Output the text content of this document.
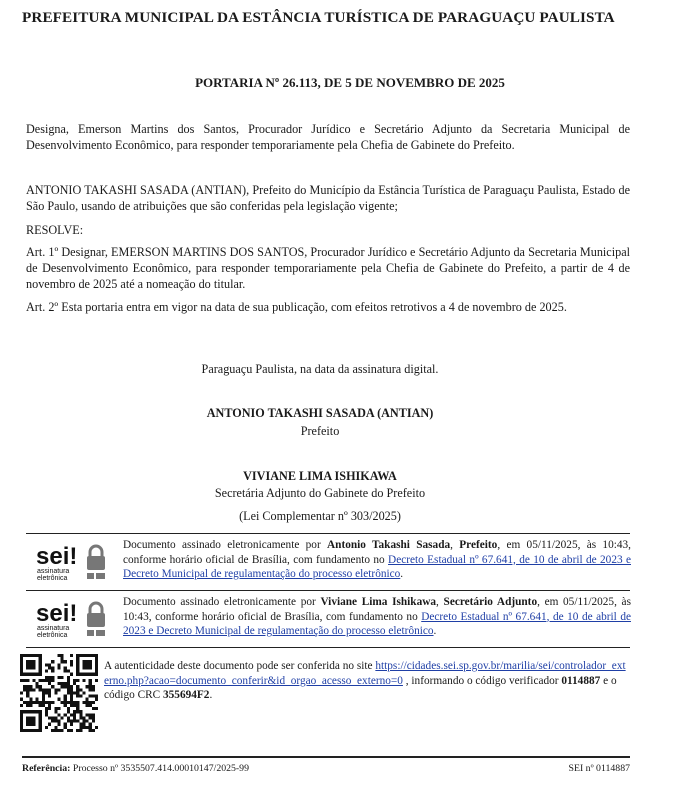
PREFEITURA MUNICIPAL DA ESTÂNCIA TURÍSTICA DE PARAGUAÇU PAULISTA
PORTARIA Nº 26.113, DE 5 DE NOVEMBRO DE 2025
Designa, Emerson Martins dos Santos, Procurador Jurídico e Secretário Adjunto da Secretaria Municipal de Desenvolvimento Econômico, para responder temporariamente pela Chefia de Gabinete do Prefeito.
ANTONIO TAKASHI SASADA (ANTIAN), Prefeito do Município da Estância Turística de Paraguaçu Paulista, Estado de São Paulo, usando de atribuições que são conferidas pela legislação vigente;
RESOLVE:
Art. 1º Designar, EMERSON MARTINS DOS SANTOS, Procurador Jurídico e Secretário Adjunto da Secretaria Municipal de Desenvolvimento Econômico, para responder temporariamente pela Chefia de Gabinete do Prefeito, a partir de 4 de novembro de 2025 até a nomeação do titular.
Art. 2º Esta portaria entra em vigor na data de sua publicação, com efeitos retrotivos a 4 de novembro de 2025.
Paraguaçu Paulista, na data da assinatura digital.
ANTONIO TAKASHI SASADA (ANTIAN)
Prefeito
VIVIANE LIMA ISHIKAWA
Secretária Adjunto do Gabinete do Prefeito
(Lei Complementar nº 303/2025)
sei!
assinatura
eletrônica
Documento assinado eletronicamente por Antonio Takashi Sasada, Prefeito, em 05/11/2025, às 10:43, conforme horário oficial de Brasília, com fundamento no Decreto Estadual nº 67.641, de 10 de abril de 2023 e Decreto Municipal de regulamentação do processo eletrônico.
sei!
assinatura
eletrônica
Documento assinado eletronicamente por Viviane Lima Ishikawa, Secretário Adjunto, em 05/11/2025, às 10:43, conforme horário oficial de Brasília, com fundamento no Decreto Estadual nº 67.641, de 10 de abril de 2023 e Decreto Municipal de regulamentação do processo eletrônico.
A autenticidade deste documento pode ser conferida no site https://cidades.sei.sp.gov.br/marilia/sei/controlador_externo.php?acao=documento_conferir&id_orgao_acesso_externo=0 , informando o código verificador 0114887 e o código CRC 355694F2.
Referência: Processo nº 3535507.414.00010147/2025-99	SEI nº 0114887
